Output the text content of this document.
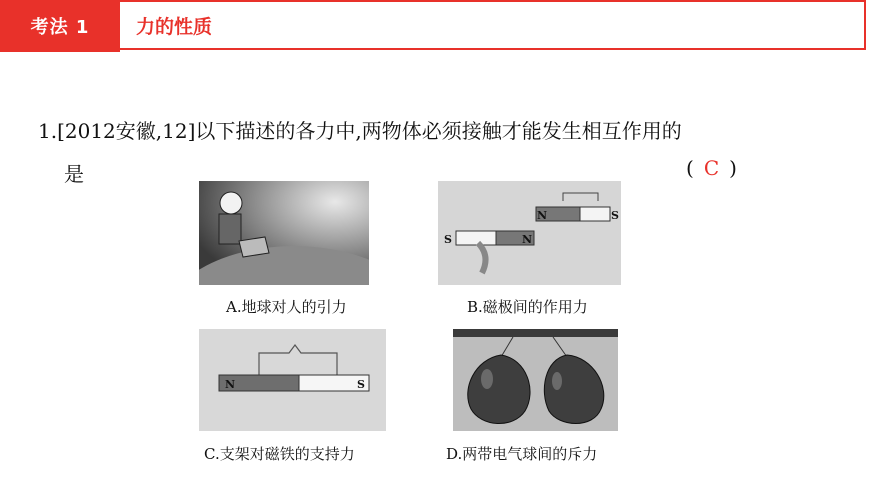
考法 1	力的性质
1.[2012安徽,12]以下描述的各力中,两物体必须接触才能发生相互作用的
是	( C )
A.地球对人的引力
N	S
S	N
B.磁极间的作用力
N	S
C.支架对磁铁的支持力	D.两带电气球间的斥力
